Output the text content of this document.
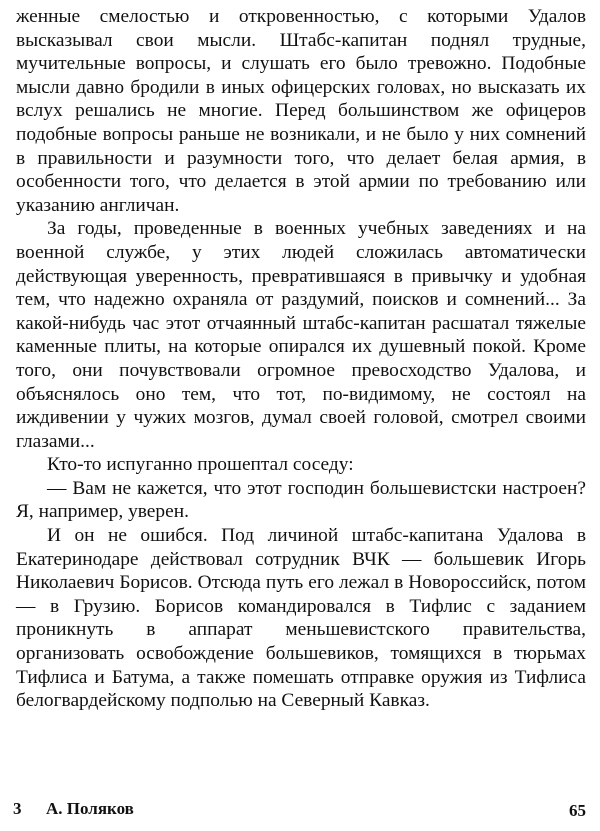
женные смелостью и откровенностью, с которыми Удалов высказывал свои мысли. Штабс-капитан поднял трудные, мучительные вопросы, и слушать его было тревожно. Подобные мысли давно бродили в иных офицерских головах, но высказать их вслух решались не многие. Перед большинством же офицеров подобные вопросы раньше не возникали, и не было у них сомнений в правильности и разумности того, что делает белая армия, в особенности того, что делается в этой армии по требованию или указанию англичан.

За годы, проведенные в военных учебных заведениях и на военной службе, у этих людей сложилась автоматически действующая уверенность, превратившаяся в привычку и удобная тем, что надежно охраняла от раздумий, поисков и сомнений... За какой-нибудь час этот отчаянный штабс-капитан расшатал тяжелые каменные плиты, на которые опирался их душевный покой. Кроме того, они почувствовали огромное превосходство Удалова, и объяснялось оно тем, что тот, по-видимому, не состоял на иждивении у чужих мозгов, думал своей головой, смотрел своими глазами...

Кто-то испуганно прошептал соседу:

— Вам не кажется, что этот господин большевистски настроен? Я, например, уверен.

И он не ошибся. Под личиной штабс-капитана Удалова в Екатеринодаре действовал сотрудник ВЧК — большевик Игорь Николаевич Борисов. Отсюда путь его лежал в Новороссийск, потом — в Грузию. Борисов командировался в Тифлис с заданием проникнуть в аппарат меньшевистского правительства, организовать освобождение большевиков, томящихся в тюрьмах Тифлиса и Батума, а также помешать отправке оружия из Тифлиса белогвардейскому подполью на Северный Кавказ.

3 А. Поляков	65
